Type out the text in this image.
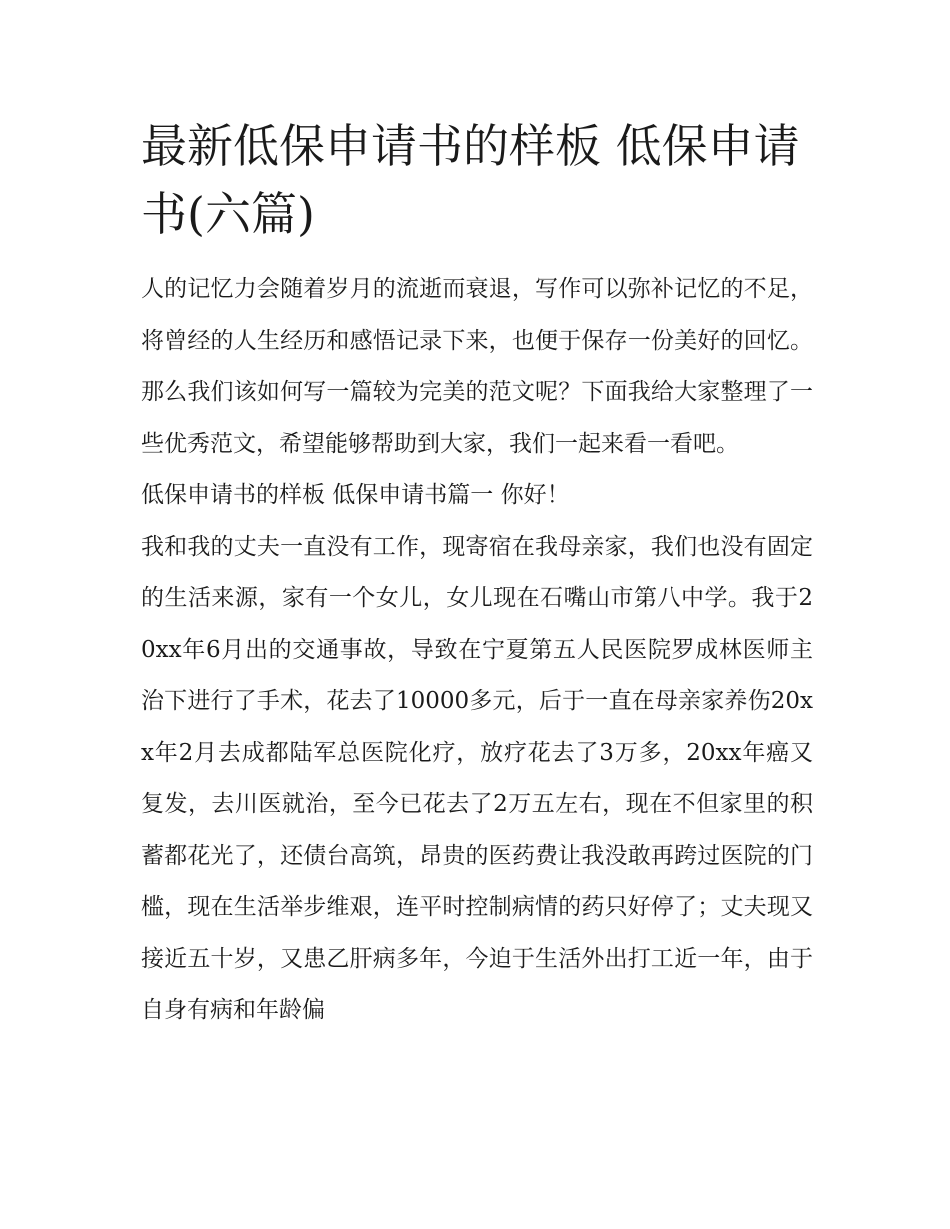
最新低保申请书的样板 低保申请书(六篇)

人的记忆力会随着岁月的流逝而衰退，写作可以弥补记忆的不足，将曾经的人生经历和感悟记录下来，也便于保存一份美好的回忆。那么我们该如何写一篇较为完美的范文呢？下面我给大家整理了一些优秀范文，希望能够帮助到大家，我们一起来看一看吧。

低保申请书的样板 低保申请书篇一 你好！

我和我的丈夫一直没有工作，现寄宿在我母亲家，我们也没有固定的生活来源，家有一个女儿，女儿现在石嘴山市第八中学。我于20xx年6月出的交通事故，导致在宁夏第五人民医院罗成林医师主治下进行了手术，花去了10000多元，后于一直在母亲家养伤20xx年2月去成都陆军总医院化疗，放疗花去了3万多，20xx年癌又复发，去川医就治，至今已花去了2万五左右，现在不但家里的积蓄都花光了，还债台高筑，昂贵的医药费让我没敢再跨过医院的门槛，现在生活举步维艰，连平时控制病情的药只好停了；丈夫现又接近五十岁，又患乙肝病多年，今迫于生活外出打工近一年，由于自身有病和年龄偏
